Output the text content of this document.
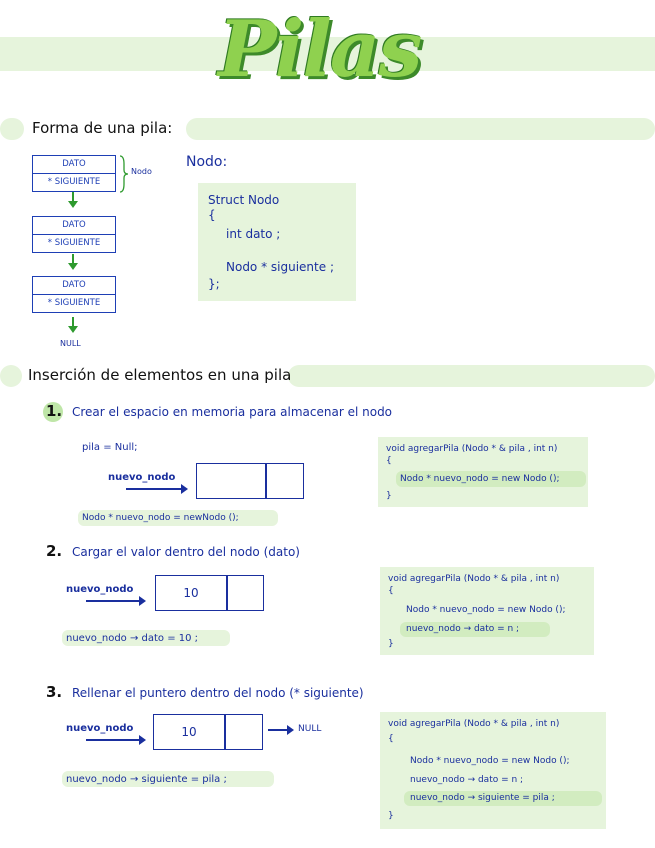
Pilas
Forma de una pila:
DATO
* SIGUIENTE
DATO
* SIGUIENTE
DATO
* SIGUIENTE
NULL
Nodo
Nodo:
Struct Nodo
{
int dato ;
Nodo * siguiente ;
};
Inserción de elementos en una pila
1. Crear el espacio en memoria para almacenar el nodo
pila = Null;
nuevo_nodo
Nodo * nuevo_nodo = newNodo ();
void agregarPila (Nodo * & pila , int n)
{
Nodo * nuevo_nodo = new Nodo ();
}
2. Cargar el valor dentro del nodo (dato)
nuevo_nodo	10
nuevo_nodo → dato = 10 ;
void agregarPila (Nodo * & pila , int n)
{
Nodo * nuevo_nodo = new Nodo ();
nuevo_nodo → dato = n ;
}
3. Rellenar el puntero dentro del nodo (* siguiente)
nuevo_nodo	10	NULL
nuevo_nodo → siguiente = pila ;
void agregarPila (Nodo * & pila , int n)
{
Nodo * nuevo_nodo = new Nodo ();
nuevo_nodo → dato = n ;
nuevo_nodo → siguiente = pila ;
}
